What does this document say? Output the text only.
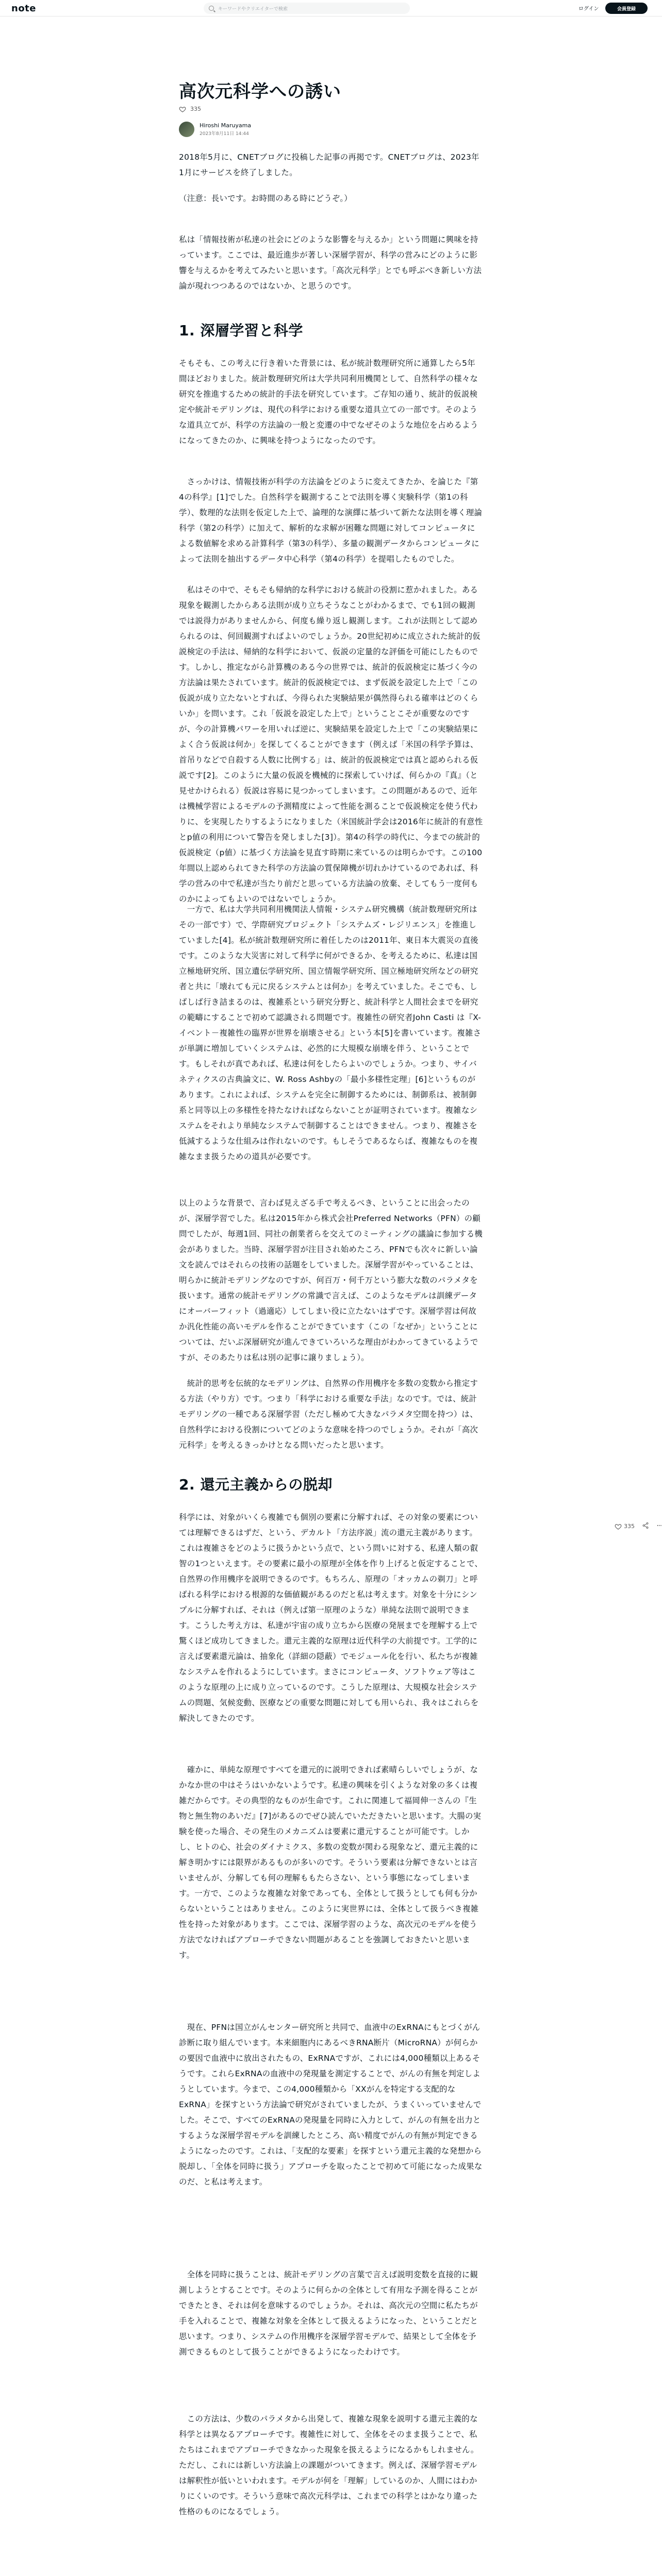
note	キーワードやクリエイターで検索	ログイン	会員登録
高次元科学への誘い
335
Hiroshi Maruyama
2023年8月11日 14:44

2018年5月に、CNETブログに投稿した記事の再掲です。CNETブログは、2023年1月にサービスを終了しました。

（注意：長いです。お時間のある時にどうぞ。）

私は「情報技術が私達の社会にどのような影響を与えるか」という問題に興味を持っています。ここでは、最近進歩が著しい深層学習が、科学の営みにどのように影響を与えるかを考えてみたいと思います。「高次元科学」とでも呼ぶべき新しい方法論が現れつつあるのではないか、と思うのです。

1. 深層学習と科学

そもそも、この考えに行き着いた背景には、私が統計数理研究所に通算したら5年間ほどおりました。統計数理研究所は大学共同利用機関として、自然科学の様々な研究を推進するための統計的手法を研究しています。ご存知の通り、統計的仮説検定や統計モデリングは、現代の科学における重要な道具立ての一部です。そのような道具立てが、科学の方法論の一般と変遷の中でなぜそのような地位を占めるようになってきたのか、に興味を持つようになったのです。

　さっかけは、情報技術が科学の方法論をどのように変えてきたか、を論じた『第4の科学』[1]でした。自然科学を観測することで法則を導く実験科学（第1の科学）、数理的な法則を仮定した上で、論理的な演繹に基づいて新たな法則を導く理論科学（第2の科学）に加えて、解析的な求解が困難な問題に対してコンピュータによる数値解を求める計算科学（第3の科学）、多量の観測データからコンピュータによって法則を抽出するデータ中心科学（第4の科学）を提唱したものでした。

　私はその中で、そもそも帰納的な科学における統計の役割に惹かれました。ある現象を観測したからある法則が成り立ちそうなことがわかるまで、でも1回の観測では説得力がありませんから、何度も繰り返し観測します。これが法則として認められるのは、何回観測すればよいのでしょうか。20世紀初めに成立された統計的仮説検定の手法は、帰納的な科学において、仮説の定量的な評価を可能にしたものです。しかし、推定ながら計算機のある今の世界では、統計的仮説検定に基づく今の方法論は果たされています。統計的仮説検定では、まず仮説を設定した上で「この仮説が成り立たないとすれば、今得られた実験結果が偶然得られる確率はどのくらいか」を問います。これ「仮説を設定した上で」ということこそが重要なのですが、今の計算機パワーを用いれば逆に、実験結果を設定した上で「この実験結果によく合う仮説は何か」を探してくることができます（例えば「米国の科学予算は、首吊りなどで自殺する人数に比例する」は、統計的仮説検定では真と認められる仮説です[2]。このように大量の仮説を機械的に探索していけば、何らかの『真』（と見せかけられる）仮説は容易に見つかってしまいます。この問題があるので、近年は機械学習によるモデルの予測精度によって性能を測ることで仮説検定を使う代わりに、を実現したりするようになりました（米国統計学会は2016年に統計的有意性とp値の利用について警告を発しました[3]）。第4の科学の時代に、今までの統計的仮説検定（p値）に基づく方法論を見直す時期に来ているのは明らかです。この100年間以上認められてきた科学の方法論の質保障機が切れかけているのであれば、科学の営みの中で私達が当たり前だと思っている方法論の放棄、そしてもう一度何ものかによってもよいのではないでしょうか。

　一方で、私は大学共同利用機関法人情報・システム研究機構（統計数理研究所はその一部です）で、学際研究プロジェクト「システムズ・レジリエンス」を推進していました[4]。私が統計数理研究所に着任したのは2011年、東日本大震災の直後です。このような大災害に対して科学に何ができるか、を考えるために、私達は国立極地研究所、国立遺伝学研究所、国立情報学研究所、国立極地研究所などの研究者と共に「壊れても元に戻るシステムとは何か」を考えていました。そこでも、しばしば行き詰まるのは、複雑系という研究分野と、統計科学と人間社会までを研究の範疇にすることで初めて認識される問題です。複雑性の研究者John Casti は『X-イベント－複雑性の臨界が世界を崩壊させる』という本[5]を書いています。複雑さが単調に増加していくシステムは、必然的に大規模な崩壊を伴う、ということです。もしそれが真であれば、私達は何をしたらよいのでしょうか。つまり、サイバネティクスの古典論文に、W. Ross Ashbyの「最小多様性定理」[6]というものがあります。これによれば、システムを完全に制御するためには、制御系は、被制御系と同等以上の多様性を持たなければならないことが証明されています。複雑なシステムをそれより単純なシステムで制御することはできません。つまり、複雑さを低減するような仕組みは作れないのです。もしそうであるならば、複雑なものを複雑なまま扱うための道具が必要です。

以上のような背景で、言わば見えざる手で考えるべき、ということに出会ったのが、深層学習でした。私は2015年から株式会社Preferred Networks（PFN）の顧問でしたが、毎週1回、同社の創業者らを交えてのミーティングの議論に参加する機会がありました。当時、深層学習が注目され始めたころ、PFNでも次々に新しい論文を読んではそれらの技術の話題をしていました。深層学習がやっていることは、明らかに統計モデリングなのですが、何百万・何千万という膨大な数のパラメタを扱います。通常の統計モデリングの常識で言えば、このようなモデルは訓練データにオーバーフィット（過適応）してしまい役に立たないはずです。深層学習は何故か汎化性能の高いモデルを作ることができています（この「なぜか」ということについては、だいぶ深層研究が進んできていろいろな理由がわかってきているようですが、そのあたりは私は別の記事に譲りましょう）。

　統計的思考を伝統的なモデリングは、自然界の作用機序を多数の変数から推定する方法（やり方）です。つまり「科学における重要な手法」なのです。では、統計モデリングの一種である深層学習（ただし極めて大きなパラメタ空間を持つ）は、自然科学における役割についてどのような意味を持つのでしょうか。それが「高次元科学」を考えるきっかけとなる問いだったと思います。

2. 還元主義からの脱却

科学には、対象がいくら複雑でも個別の要素に分解すれば、その対象の要素については理解できるはずだ、という、デカルト「方法序説」流の還元主義があります。これは複雑さをどのように扱うかという点で、という問いに対する、私達人類の叡智の1つといえます。その要素に最小の原理が全体を作り上げると仮定することで、自然界の作用機序を説明できるのです。もちろん、原理の「オッカムの剃刀」と呼ばれる科学における根源的な価値観があるのだと私は考えます。対象を十分にシンプルに分解すれば、それは（例えば第一原理のような）単純な法則で説明できます。こうした考え方は、私達が宇宙の成り立ちから医療の発展までを理解する上で驚くほど成功してきました。還元主義的な原理は近代科学の大前提です。工学的に言えば要素還元論は、抽象化（詳細の隠蔽）でモジュール化を行い、私たちが複雑なシステムを作れるようにしています。まさにコンピュータ、ソフトウェア等はこのような原理の上に成り立っているのです。こうした原理は、大規模な社会システムの問題、気候変動、医療などの重要な問題に対しても用いられ、我々はこれらを解決してきたのです。

　確かに、単純な原理ですべてを還元的に説明できれば素晴らしいでしょうが、なかなか世の中はそうはいかないようです。私達の興味を引くような対象の多くは複雑だからです。その典型的なものが生命です。これに関連して福岡伸一さんの『生物と無生物のあいだ』[7]があるのでぜひ読んでいただきたいと思います。大腸の実験を使った場合、その発生のメカニズムは要素に還元することが可能です。しかし、ヒトの心、社会のダイナミクス、多数の変数が関わる現象など、還元主義的に解き明かすには限界があるものが多いのです。そういう要素は分解できないとは言いませんが、分解しても何の理解ももたらさない、という事態になってしまいます。一方で、このような複雑な対象であっても、全体として扱うとしても何も分からないということはありません。このように実世界には、全体として扱うべき複雑性を持った対象があります。ここでは、深層学習のような、高次元のモデルを使う方法でなければアプローチできない問題があることを強調しておきたいと思います。

　現在、PFNは国立がんセンター研究所と共同で、血液中のExRNAにもとづくがん診断に取り組んでいます。本来細胞内にあるべきRNA断片（MicroRNA）が何らかの要因で血液中に放出されたもの、ExRNAですが、これには4,000種類以上あるそうです。これらExRNAの血液中の発現量を測定することで、がんの有無を判定しようとしています。今まで、この4,000種類から「XXがんを特定する支配的なExRNA」を探すという方法論で研究がされていましたが、うまくいっていませんでした。そこで、すべてのExRNAの発現量を同時に入力として、がんの有無を出力とするような深層学習モデルを訓練したところ、高い精度でがんの有無が判定できるようになったのです。これは、「支配的な要素」を探すという還元主義的な発想から脱却し、「全体を同時に扱う」アプローチを取ったことで初めて可能になった成果なのだ、と私は考えます。

　全体を同時に扱うことは、統計モデリングの言葉で言えば説明変数を直接的に観測しようとすることです。そのように何らかの全体として有用な予測を得ることができたとき、それは何を意味するのでしょうか。それは、高次元の空間に私たちが手を入れることで、複雑な対象を全体として扱えるようになった、ということだと思います。つまり、システムの作用機序を深層学習モデルで、結果として全体を予測できるものとして扱うことができるようになったわけです。

　この方法は、少数のパラメタから出発して、複雑な現象を説明する還元主義的な科学とは異なるアプローチです。複雑性に対して、全体をそのまま扱うことで、私たちはこれまでアプローチできなかった現象を扱えるようになるかもしれません。ただし、これには新しい方法論上の課題がついてきます。例えば、深層学習モデルは解釈性が低いといわれます。モデルが何を「理解」しているのか、人間にはわかりにくいのです。そういう意味で高次元科学は、これまでの科学とはかなり違った性格のものになるでしょう。

335
